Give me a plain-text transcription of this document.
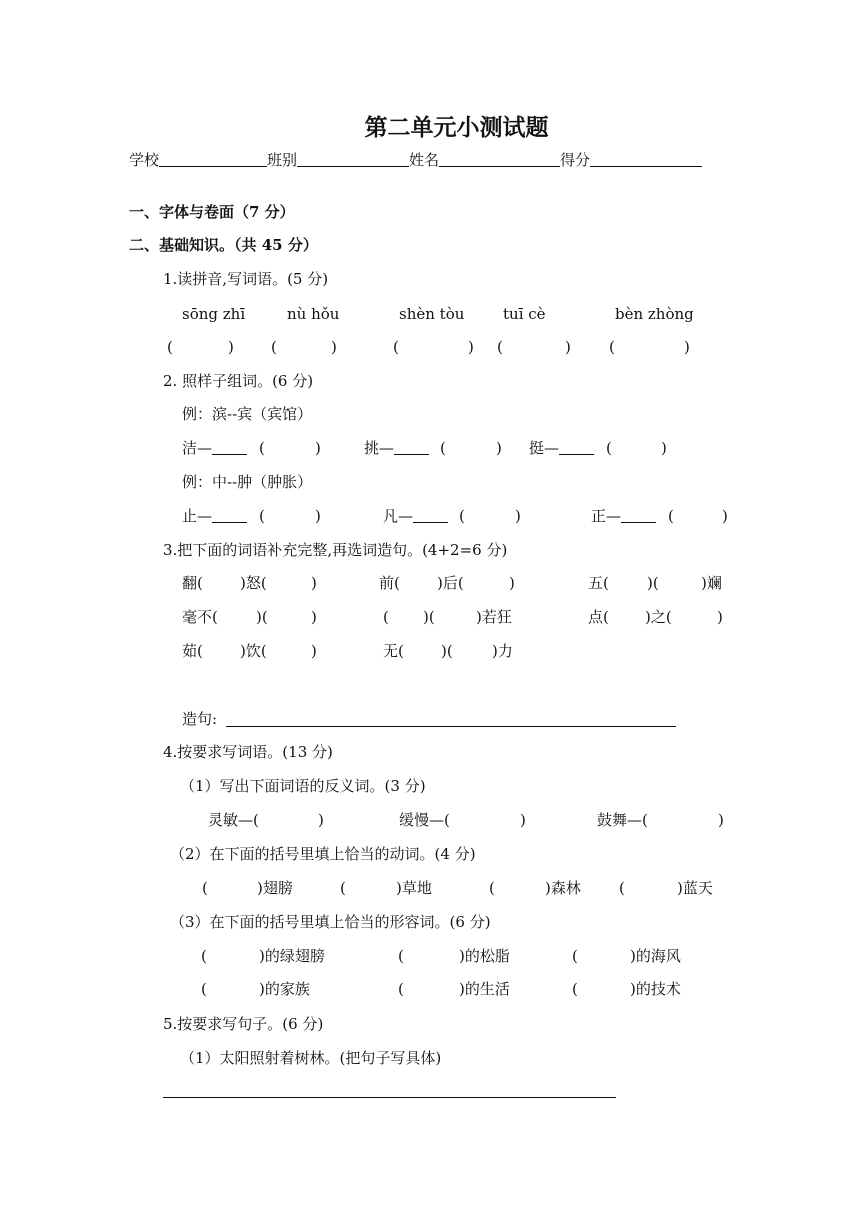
第二单元小测试题
学校	班别	姓名	得分
一、字体与卷面（7 分）
二、基础知识。（共 45 分）
1.读拼音,写词语。(5 分)
sōng zhī	nù hǒu	shèn tòu	tuī cè	bèn zhòng
(	) (	)	(	) (	)	(	)
2. 照样子组词。(6 分)
例：滨--宾（宾馆）
洁—	(	)	挑—	(	) 挺—	(	)
例：中--肿（肿胀）
止—	(	)	凡—	(	)	正—	(	)
3.把下面的词语补充完整,再选词造句。(4+2=6 分)
翻( )怒(	)	前( )后(	)	五(	)(	)斓
毫不(	)(	)	( )(	)若狂	点( )之(	)
茹( )饮(	)	无( )(	)力
造句:
4.按要求写词语。(13 分)
（1）写出下面词语的反义词。(3 分)
灵敏—(	)	缓慢—(	)	鼓舞—(	)
（2）在下面的括号里填上恰当的动词。(4 分)
(	)翅膀	(	)草地	(	)森林	(	)蓝天
（3）在下面的括号里填上恰当的形容词。(6 分)
(	)的绿翅膀	(	)的松脂	(	)的海风
(	)的家族	(	)的生活	(	)的技术
5.按要求写句子。(6 分)
（1）太阳照射着树林。(把句子写具体)
